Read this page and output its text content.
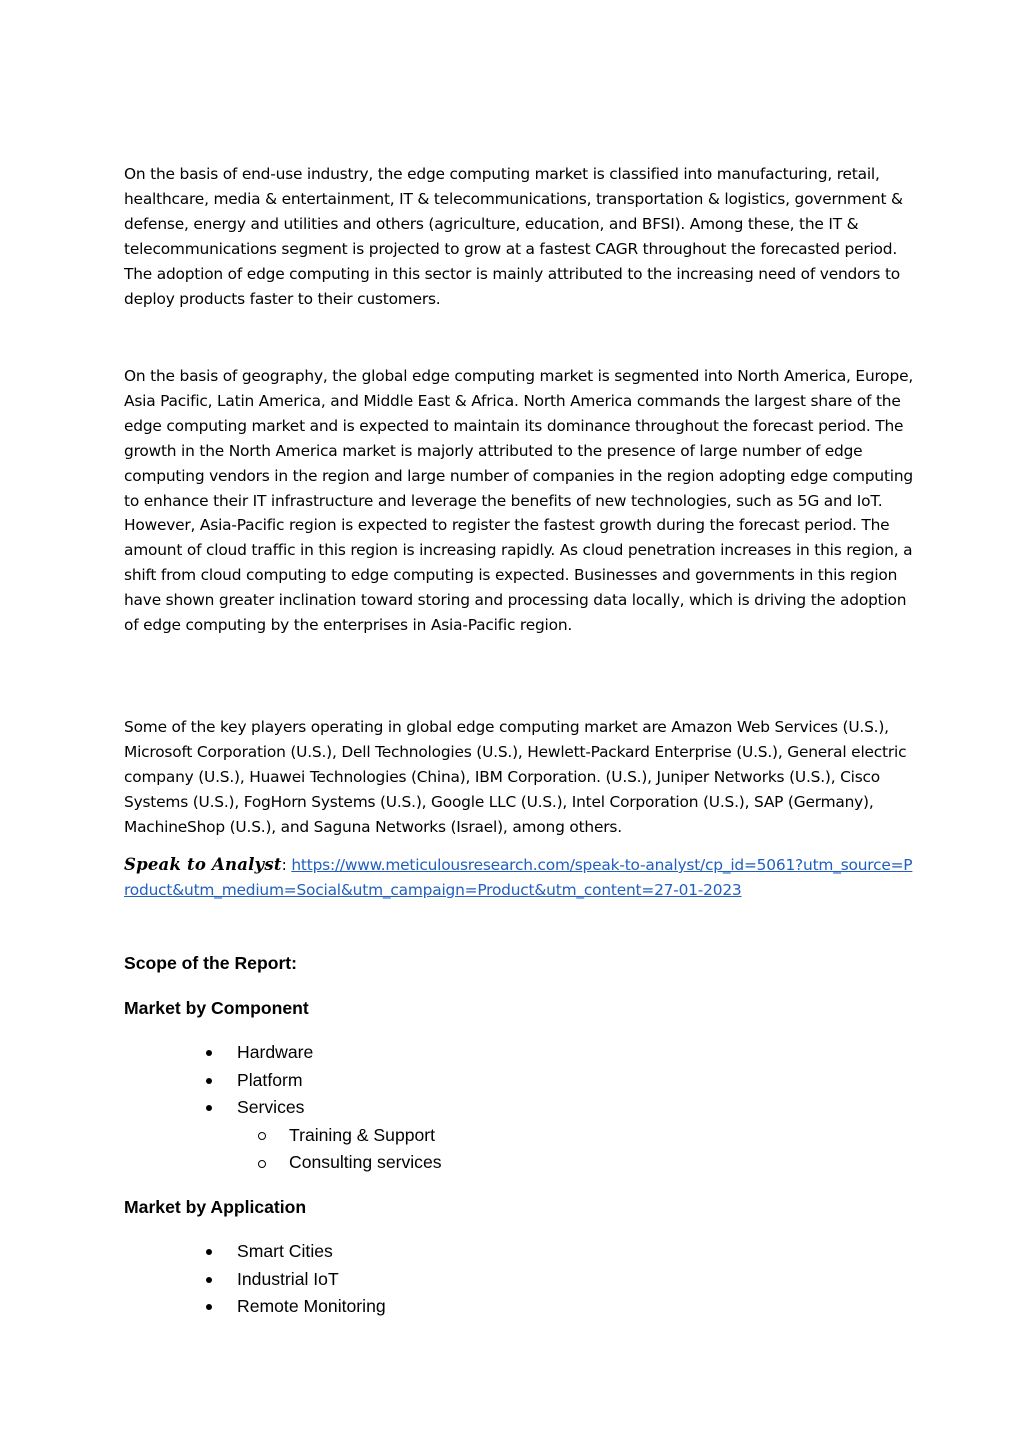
On the basis of end-use industry, the edge computing market is classified into manufacturing, retail, healthcare, media & entertainment, IT & telecommunications, transportation & logistics, government & defense, energy and utilities and others (agriculture, education, and BFSI). Among these, the IT & telecommunications segment is projected to grow at a fastest CAGR throughout the forecasted period. The adoption of edge computing in this sector is mainly attributed to the increasing need of vendors to deploy products faster to their customers.

On the basis of geography, the global edge computing market is segmented into North America, Europe, Asia Pacific, Latin America, and Middle East & Africa. North America commands the largest share of the edge computing market and is expected to maintain its dominance throughout the forecast period. The growth in the North America market is majorly attributed to the presence of large number of edge computing vendors in the region and large number of companies in the region adopting edge computing to enhance their IT infrastructure and leverage the benefits of new technologies, such as 5G and IoT. However, Asia-Pacific region is expected to register the fastest growth during the forecast period. The amount of cloud traffic in this region is increasing rapidly. As cloud penetration increases in this region, a shift from cloud computing to edge computing is expected. Businesses and governments in this region have shown greater inclination toward storing and processing data locally, which is driving the adoption of edge computing by the enterprises in Asia-Pacific region.

Some of the key players operating in global edge computing market are Amazon Web Services (U.S.), Microsoft Corporation (U.S.), Dell Technologies (U.S.), Hewlett-Packard Enterprise (U.S.), General electric company (U.S.), Huawei Technologies (China), IBM Corporation. (U.S.), Juniper Networks (U.S.), Cisco Systems (U.S.), FogHorn Systems (U.S.), Google LLC (U.S.), Intel Corporation (U.S.), SAP (Germany), MachineShop (U.S.), and Saguna Networks (Israel), among others.

Speak to Analyst: https://www.meticulousresearch.com/speak-to-analyst/cp_id=5061?utm_source=Product&utm_medium=Social&utm_campaign=Product&utm_content=27-01-2023
Scope of the Report:
Market by Component
Hardware
Platform
Services
Training & Support
Consulting services
Market by Application
Smart Cities
Industrial IoT
Remote Monitoring
